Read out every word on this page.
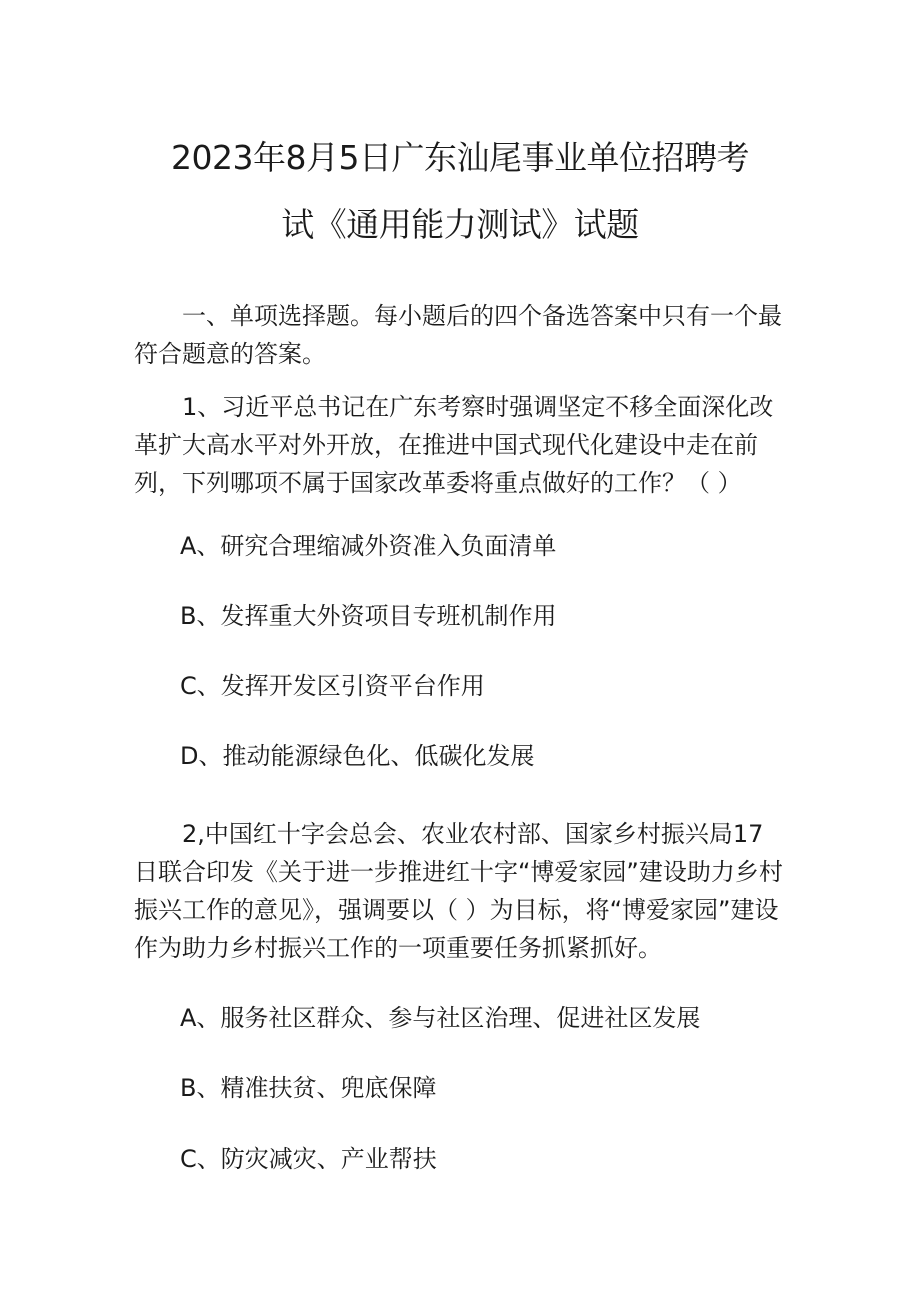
2023年8月5日广东汕尾事业单位招聘考
试《通用能力测试》试题

一、单项选择题。每小题后的四个备选答案中只有一个最符合题意的答案。

1、习近平总书记在广东考察时强调坚定不移全面深化改革扩大高水平对外开放，在推进中国式现代化建设中走在前列，下列哪项不属于国家改革委将重点做好的工作？（ ）

A、研究合理缩减外资准入负面清单
B、发挥重大外资项目专班机制作用
C、发挥开发区引资平台作用
D、推动能源绿色化、低碳化发展

2,中国红十字会总会、农业农村部、国家乡村振兴局17日联合印发《关于进一步推进红十字“博爱家园”建设助力乡村振兴工作的意见》，强调要以（ ）为目标，将“博爱家园”建设作为助力乡村振兴工作的一项重要任务抓紧抓好。

A、服务社区群众、参与社区治理、促进社区发展
B、精准扶贫、兜底保障
C、防灾减灾、产业帮扶
